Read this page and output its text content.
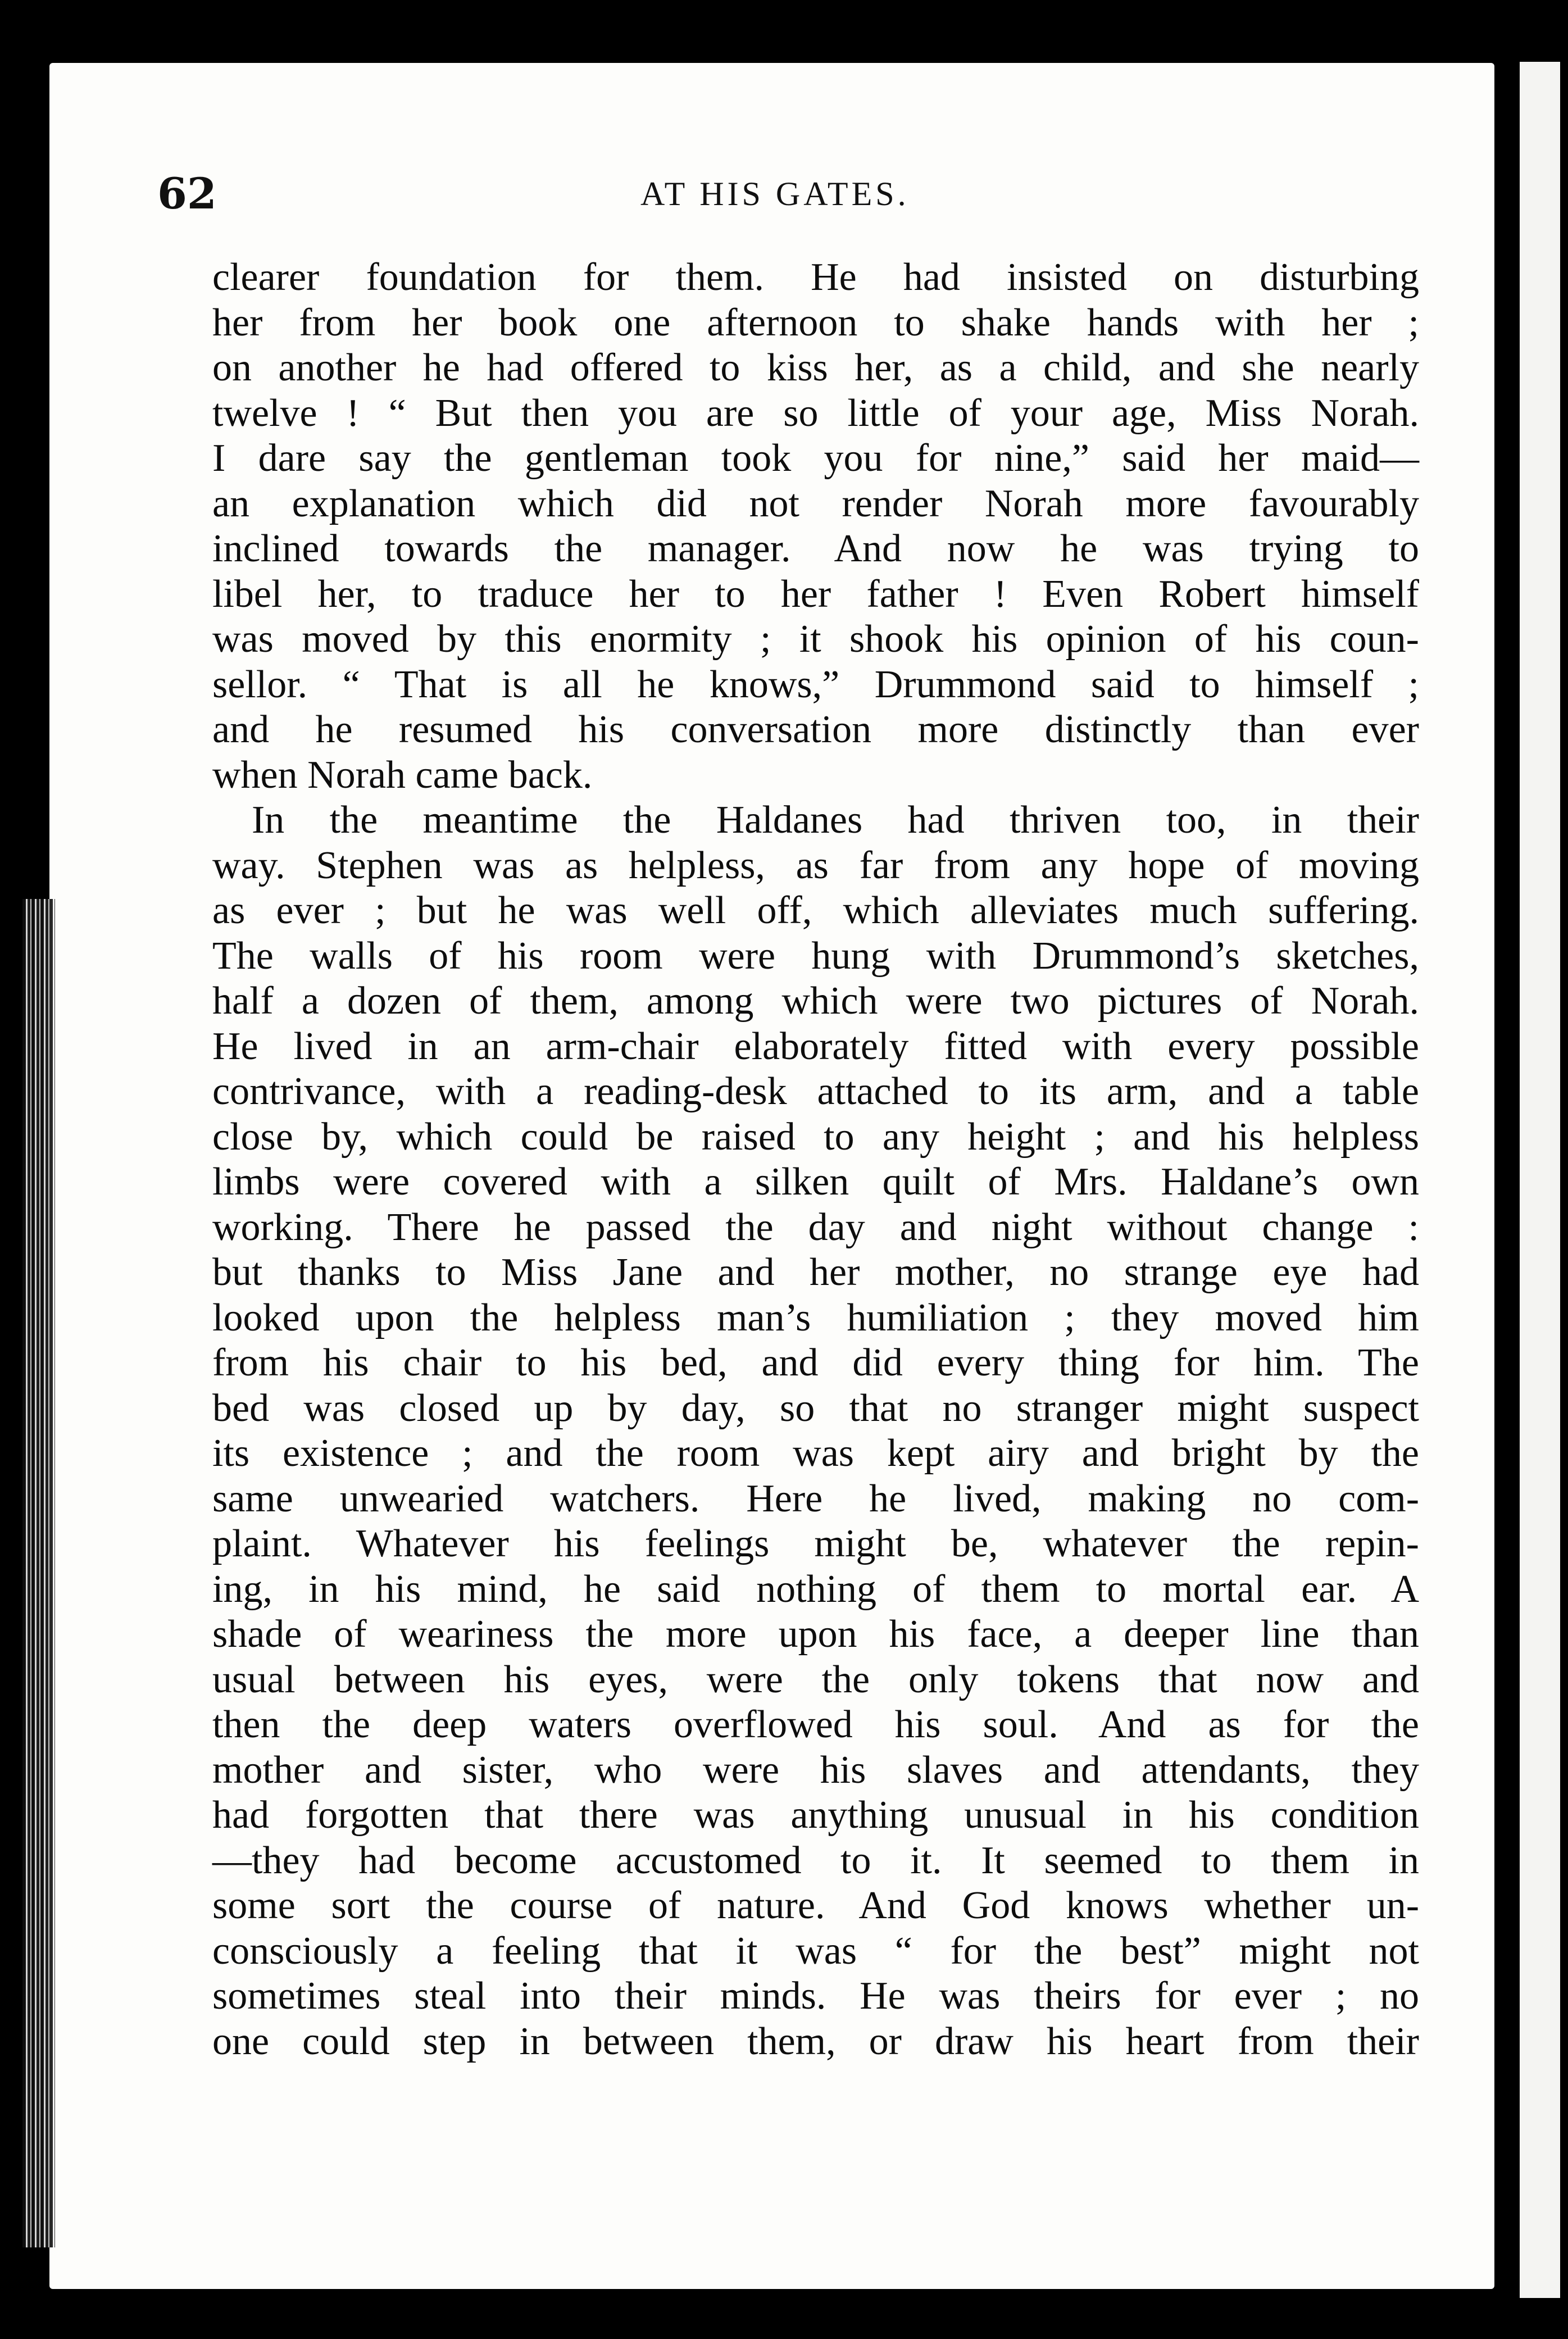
62	AT HIS GATES.
clearer foundation for them. He had insisted on disturbing
her from her book one afternoon to shake hands with her ;
on another he had offered to kiss her, as a child, and she nearly
twelve ! “ But then you are so little of your age, Miss Norah.
I dare say the gentleman took you for nine,” said her maid—
an explanation which did not render Norah more favourably
inclined towards the manager. And now he was trying to
libel her, to traduce her to her father ! Even Robert himself
was moved by this enormity ; it shook his opinion of his coun-
sellor. “ That is all he knows,” Drummond said to himself ;
and he resumed his conversation more distinctly than ever
when Norah came back.
In the meantime the Haldanes had thriven too, in their
way. Stephen was as helpless, as far from any hope of moving
as ever ; but he was well off, which alleviates much suffering.
The walls of his room were hung with Drummond’s sketches,
half a dozen of them, among which were two pictures of Norah.
He lived in an arm-chair elaborately fitted with every possible
contrivance, with a reading-desk attached to its arm, and a table
close by, which could be raised to any height ; and his helpless
limbs were covered with a silken quilt of Mrs. Haldane’s own
working. There he passed the day and night without change :
but thanks to Miss Jane and her mother, no strange eye had
looked upon the helpless man’s humiliation ; they moved him
from his chair to his bed, and did every thing for him. The
bed was closed up by day, so that no stranger might suspect
its existence ; and the room was kept airy and bright by the
same unwearied watchers. Here he lived, making no com-
plaint. Whatever his feelings might be, whatever the repin-
ing, in his mind, he said nothing of them to mortal ear. A
shade of weariness the more upon his face, a deeper line than
usual between his eyes, were the only tokens that now and
then the deep waters overflowed his soul. And as for the
mother and sister, who were his slaves and attendants, they
had forgotten that there was anything unusual in his condition
—they had become accustomed to it. It seemed to them in
some sort the course of nature. And God knows whether un-
consciously a feeling that it was “ for the best” might not
sometimes steal into their minds. He was theirs for ever ; no
one could step in between them, or draw his heart from their
